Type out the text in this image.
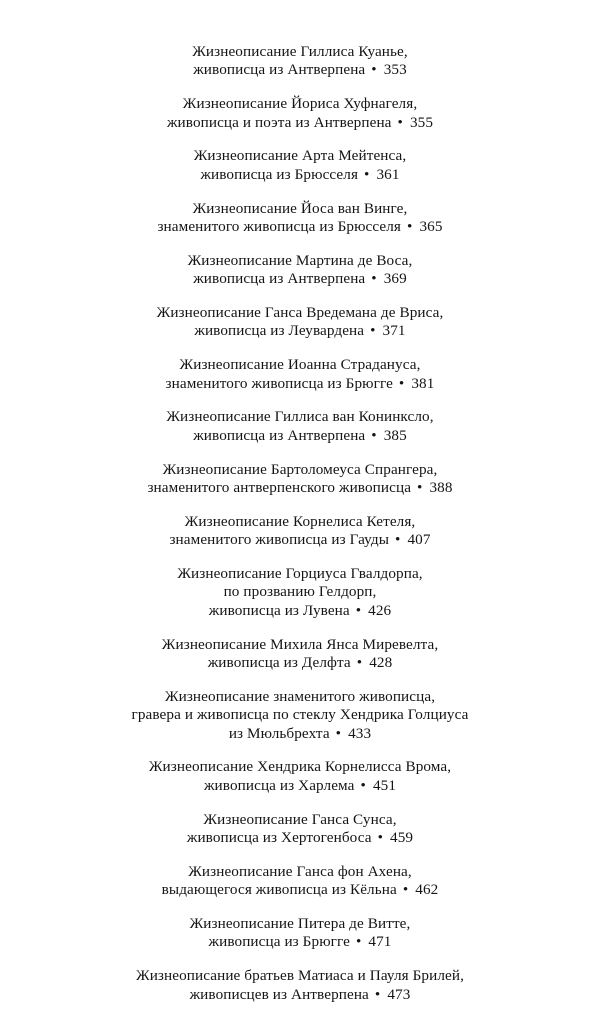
Жизнеописание Гиллиса Куанье,
живописца из Антверпена • 353
Жизнеописание Йориса Хуфнагеля,
живописца и поэта из Антверпена • 355
Жизнеописание Арта Мейтенса,
живописца из Брюсселя • 361
Жизнеописание Йоса ван Винге,
знаменитого живописца из Брюсселя • 365
Жизнеописание Мартина де Воса,
живописца из Антверпена • 369
Жизнеописание Ганса Вредемана де Вриса,
живописца из Леувардена • 371
Жизнеописание Иоанна Страдануса,
знаменитого живописца из Брюгге • 381
Жизнеописание Гиллиса ван Конинксло,
живописца из Антверпена • 385
Жизнеописание Бартоломеуса Спрангера,
знаменитого антверпенского живописца • 388
Жизнеописание Корнелиса Кетеля,
знаменитого живописца из Гауды • 407
Жизнеописание Горциуса Гвалдорпа,
по прозванию Гелдорп,
живописца из Лувена • 426
Жизнеописание Михила Янса Миревелта,
живописца из Делфта • 428
Жизнеописание знаменитого живописца,
гравера и живописца по стеклу Хендрика Голциуса
из Мюльбрехта • 433
Жизнеописание Хендрика Корнелисса Врома,
живописца из Харлема • 451
Жизнеописание Ганса Сунса,
живописца из Хертогенбоса • 459
Жизнеописание Ганса фон Ахена,
выдающегося живописца из Кёльна • 462
Жизнеописание Питера де Витте,
живописца из Брюгге • 471
Жизнеописание братьев Матиаса и Пауля Брилей,
живописцев из Антверпена • 473
